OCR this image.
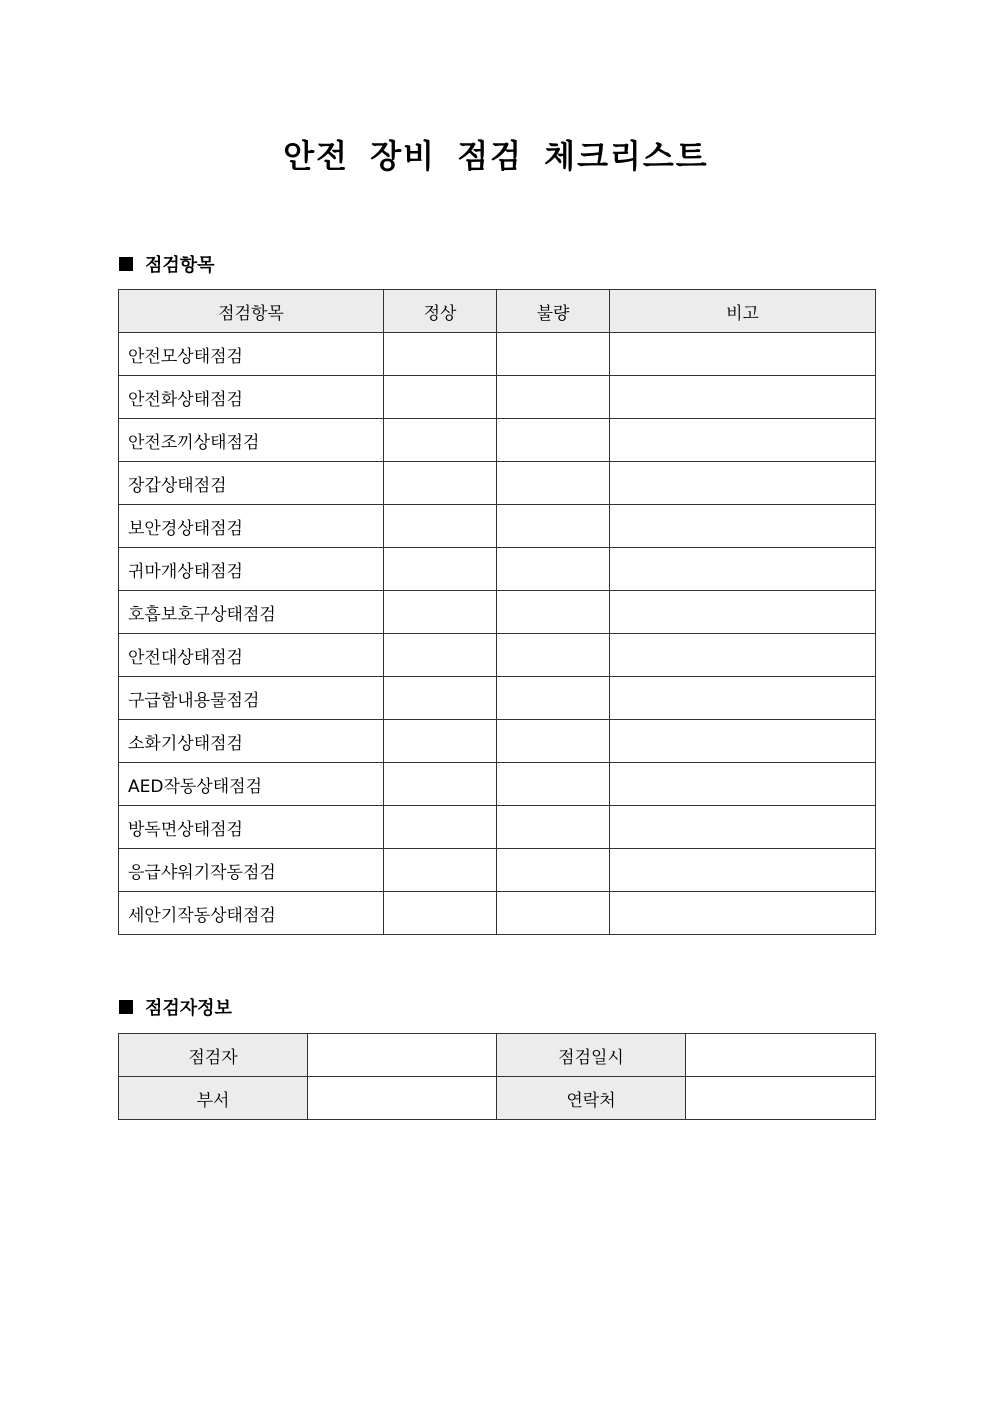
안전 장비 점검 체크리스트
점검항목
점검항목	정상	불량	비고
안전모상태점검			
안전화상태점검			
안전조끼상태점검			
장갑상태점검			
보안경상태점검			
귀마개상태점검			
호흡보호구상태점검			
안전대상태점검			
구급함내용물점검			
소화기상태점검			
AED작동상태점검			
방독면상태점검			
응급샤워기작동점검			
세안기작동상태점검			
점검자정보
점검자		점검일시	
부서		연락처	
